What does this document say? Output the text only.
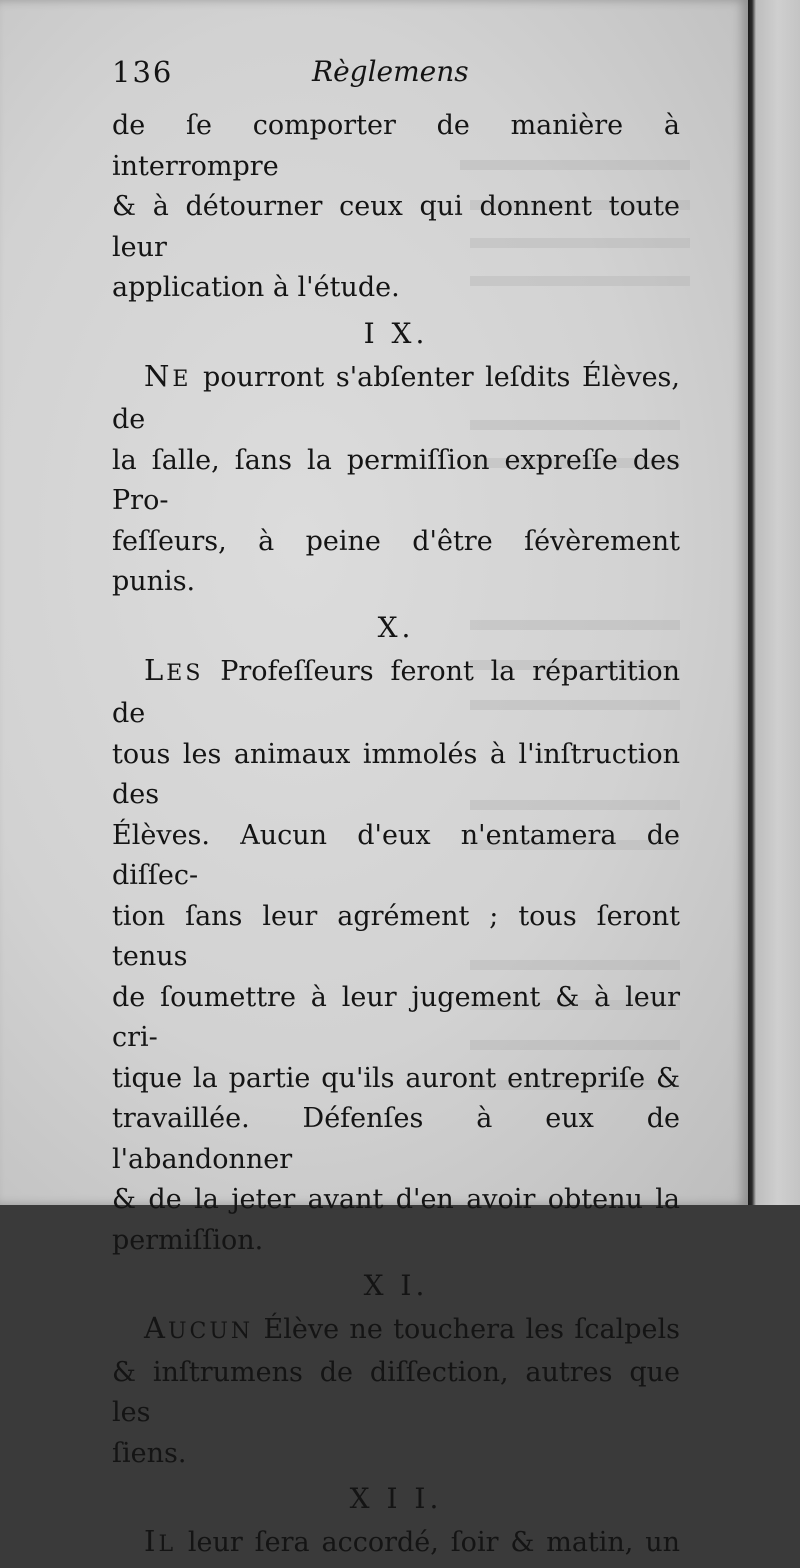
136	Règlemens

de ſe comporter de manière à interrompre

& à détourner ceux qui donnent toute leur

application à l'étude.

I X.

NE pourront s'abſenter leſdits Élèves, de

la ſalle, ſans la permiſſion expreſſe des Pro-

feſſeurs, à peine d'être ſévèrement punis.

X.

LES Profeſſeurs feront la répartition de

tous les animaux immolés à l'inſtruction des

Élèves. Aucun d'eux n'entamera de diſſec-

tion ſans leur agrément ; tous ſeront tenus

de ſoumettre à leur jugement & à leur cri-

tique la partie qu'ils auront entrepriſe &

travaillée. Défenſes à eux de l'abandonner

& de la jeter avant d'en avoir obtenu la

permiſſion.

X I.

AUCUN Élève ne touchera les ſcalpels

& inſtrumens de diſſection, autres que les

ſiens.

X I I.

IL leur ſera accordé, ſoir & matin, un
